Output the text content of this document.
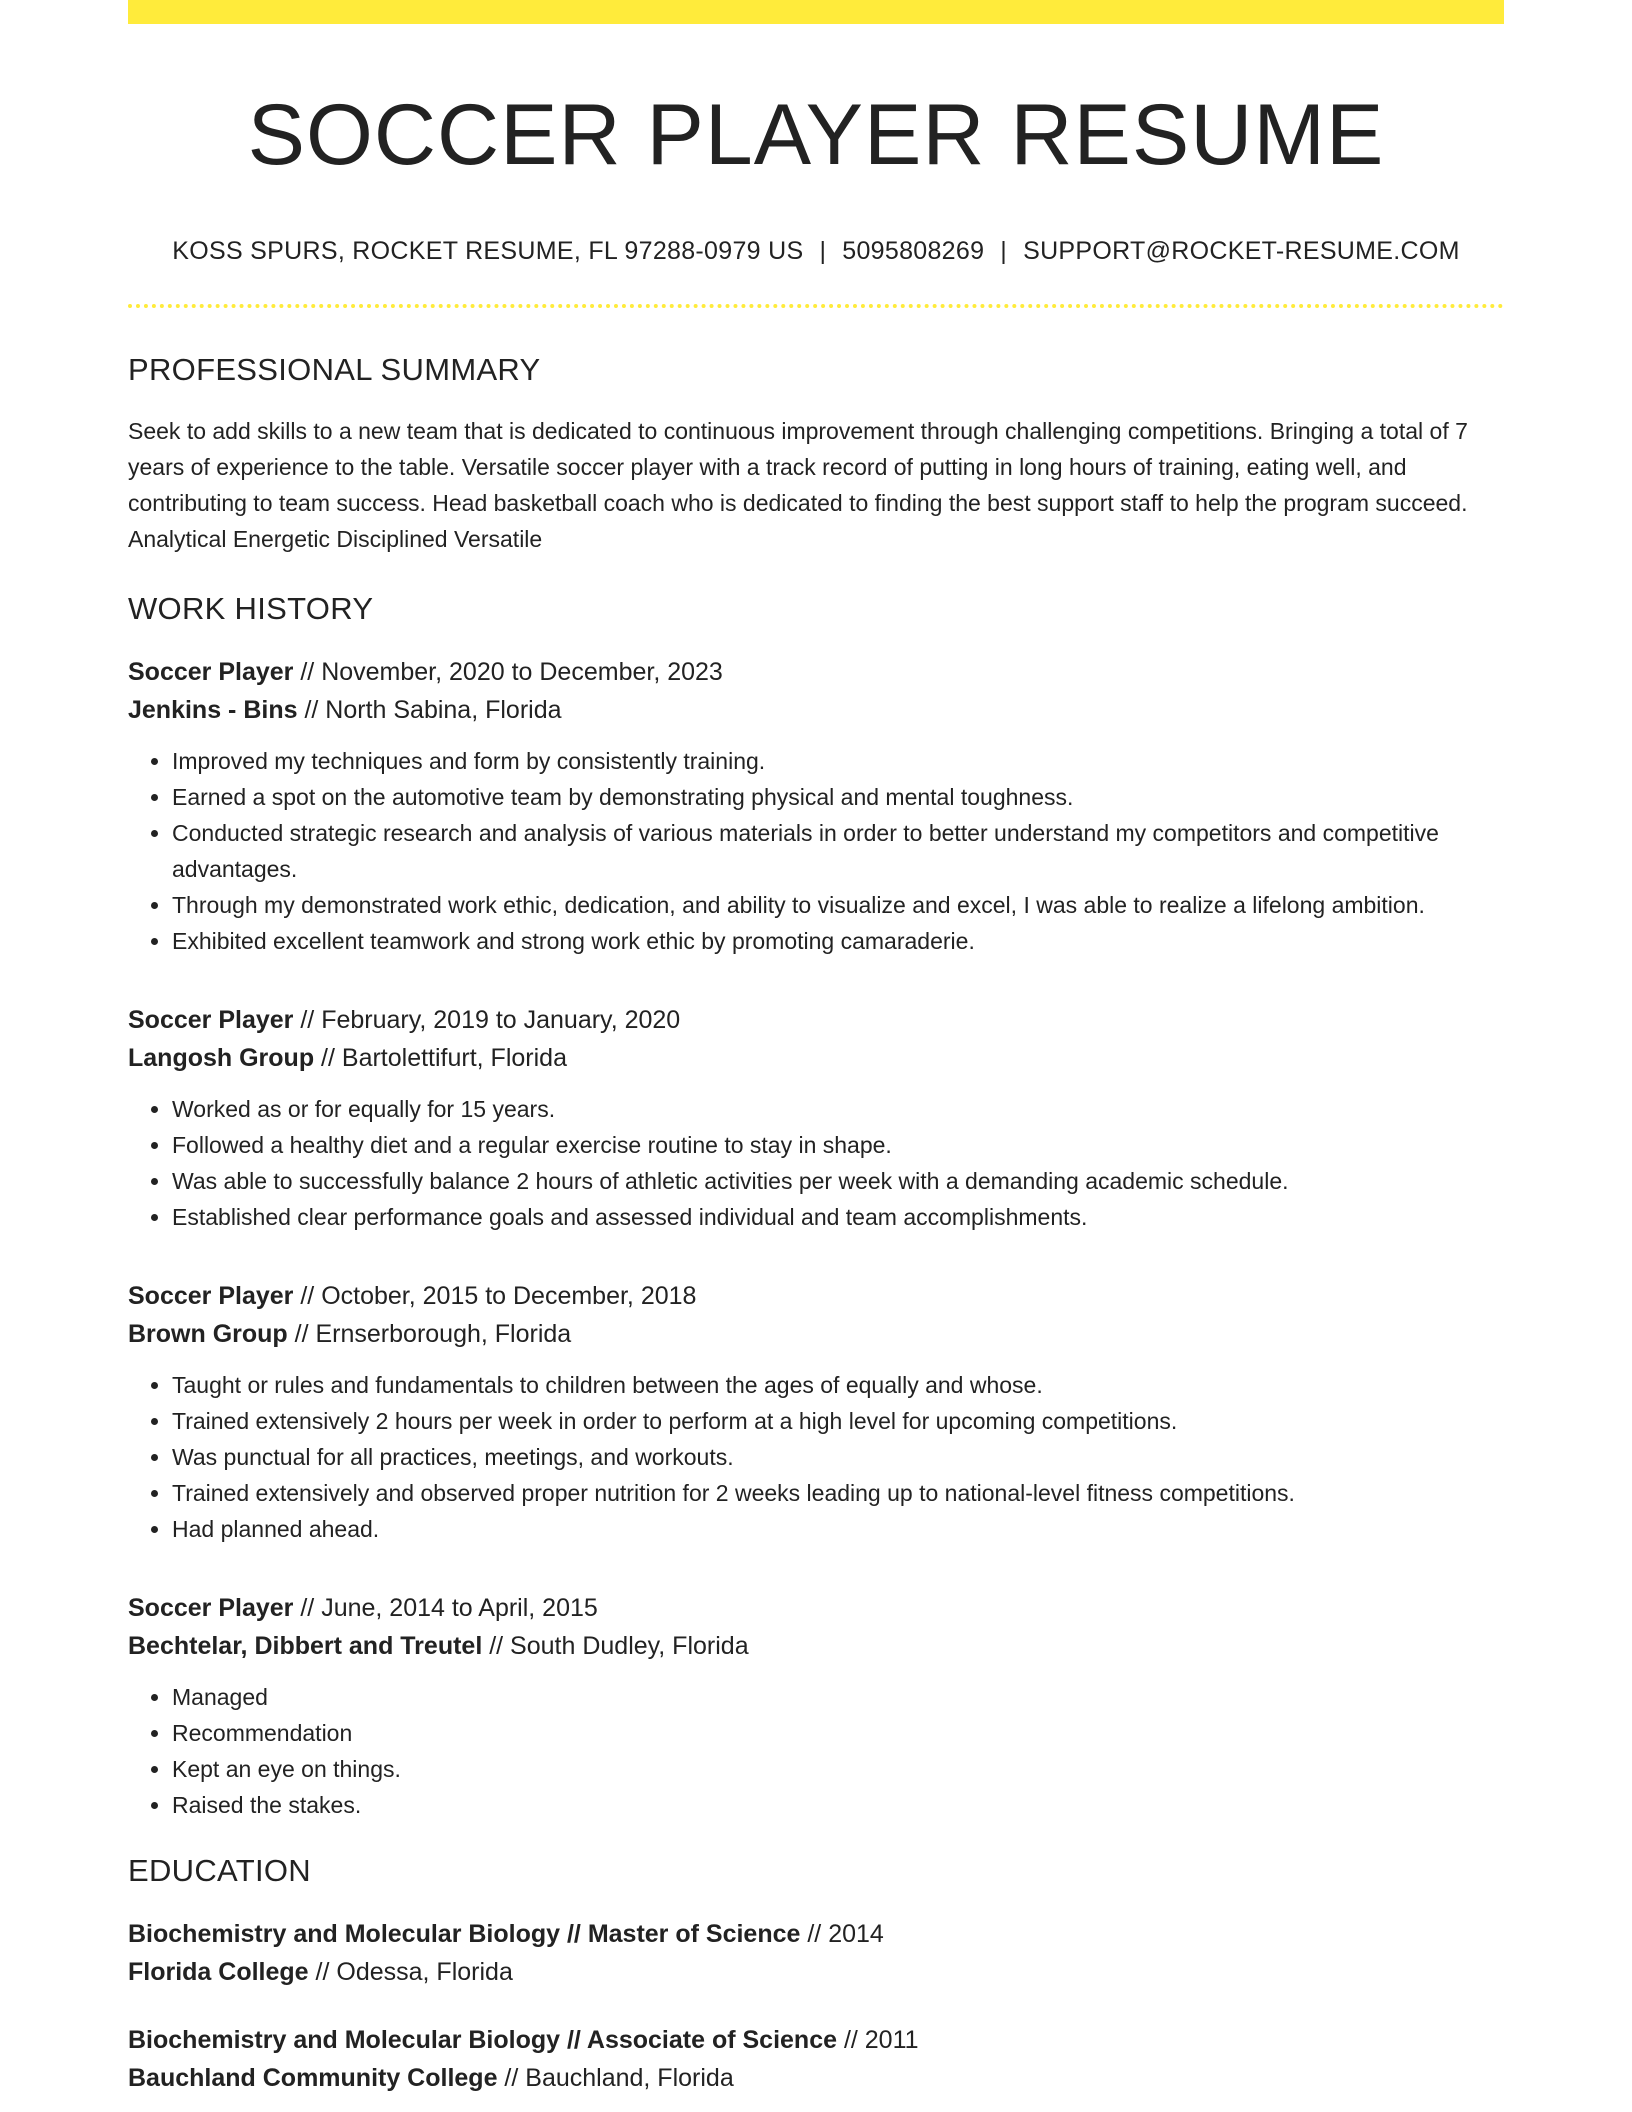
SOCCER PLAYER RESUME
KOSS SPURS, ROCKET RESUME, FL 97288-0979 US | 5095808269 | SUPPORT@ROCKET-RESUME.COM
PROFESSIONAL SUMMARY
Seek to add skills to a new team that is dedicated to continuous improvement through challenging competitions. Bringing a total of 7 years of experience to the table. Versatile soccer player with a track record of putting in long hours of training, eating well, and contributing to team success. Head basketball coach who is dedicated to finding the best support staff to help the program succeed. Analytical Energetic Disciplined Versatile
WORK HISTORY
Soccer Player // November, 2020 to December, 2023
Jenkins - Bins // North Sabina, Florida
• Improved my techniques and form by consistently training.
• Earned a spot on the automotive team by demonstrating physical and mental toughness.
• Conducted strategic research and analysis of various materials in order to better understand my competitors and competitive advantages.
• Through my demonstrated work ethic, dedication, and ability to visualize and excel, I was able to realize a lifelong ambition.
• Exhibited excellent teamwork and strong work ethic by promoting camaraderie.
Soccer Player // February, 2019 to January, 2020
Langosh Group // Bartolettifurt, Florida
• Worked as or for equally for 15 years.
• Followed a healthy diet and a regular exercise routine to stay in shape.
• Was able to successfully balance 2 hours of athletic activities per week with a demanding academic schedule.
• Established clear performance goals and assessed individual and team accomplishments.
Soccer Player // October, 2015 to December, 2018
Brown Group // Ernserborough, Florida
• Taught or rules and fundamentals to children between the ages of equally and whose.
• Trained extensively 2 hours per week in order to perform at a high level for upcoming competitions.
• Was punctual for all practices, meetings, and workouts.
• Trained extensively and observed proper nutrition for 2 weeks leading up to national-level fitness competitions.
• Had planned ahead.
Soccer Player // June, 2014 to April, 2015
Bechtelar, Dibbert and Treutel // South Dudley, Florida
• Managed
• Recommendation
• Kept an eye on things.
• Raised the stakes.
EDUCATION
Biochemistry and Molecular Biology // Master of Science // 2014
Florida College // Odessa, Florida
Biochemistry and Molecular Biology // Associate of Science // 2011
Bauchland Community College // Bauchland, Florida
